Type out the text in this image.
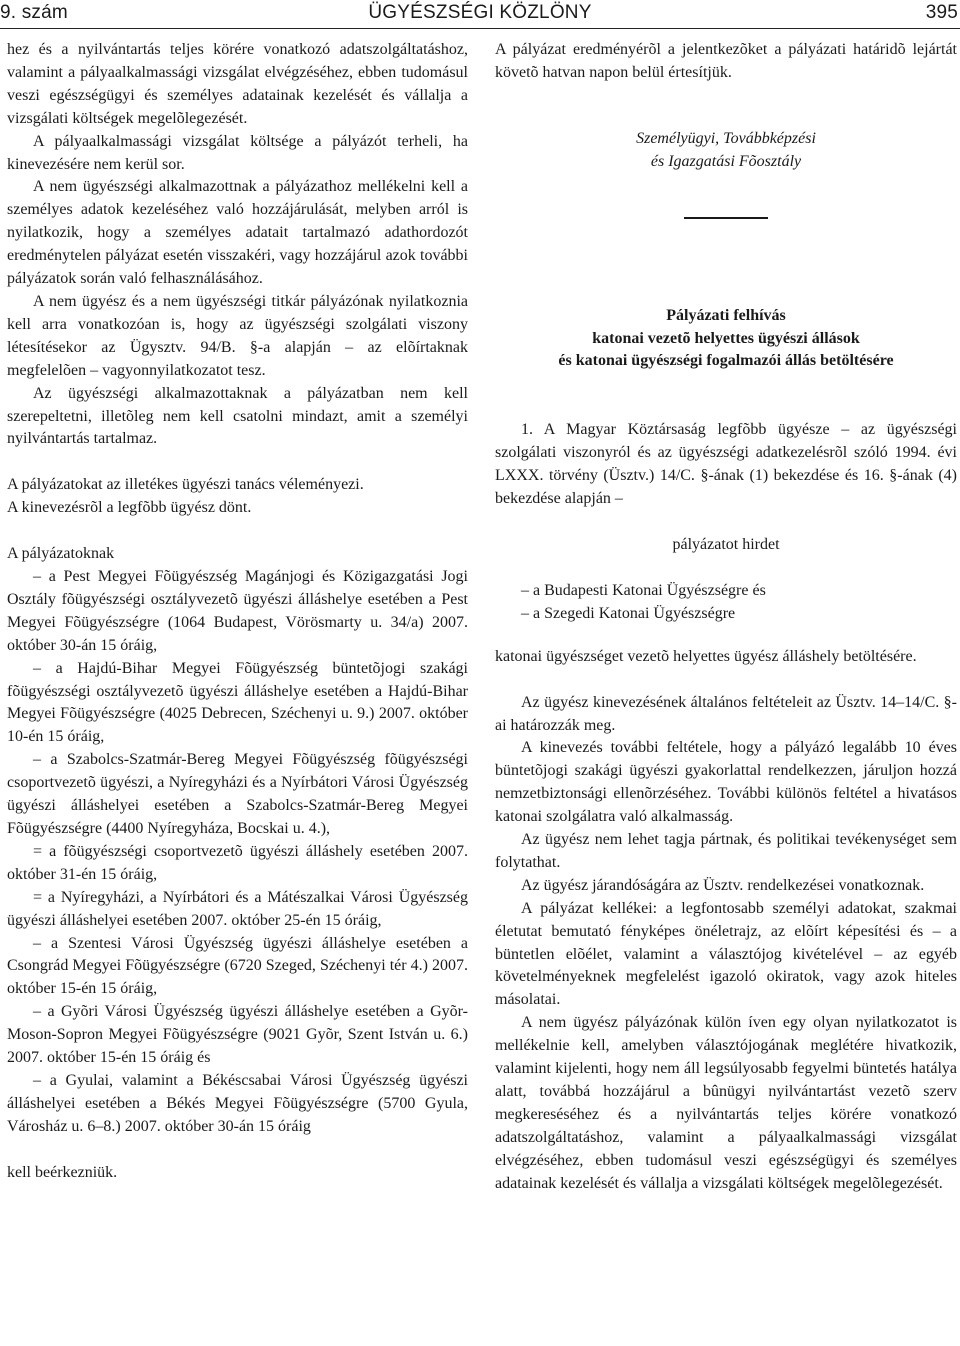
9. szám	ÜGYÉSZSÉGI KÖZLÖNY	395

hez és a nyilvántartás teljes körére vonatkozó adatszolgáltatáshoz, valamint a pályaalkalmassági vizsgálat elvégzéséhez, ebben tudomásul veszi egészségügyi és személyes adatainak kezelését és vállalja a vizsgálati költségek megelõlegezését.

A pályaalkalmassági vizsgálat költsége a pályázót terheli, ha kinevezésére nem kerül sor.

A nem ügyészségi alkalmazottnak a pályázathoz mellékelni kell a személyes adatok kezeléséhez való hozzájárulását, melyben arról is nyilatkozik, hogy a személyes adatait tartalmazó adathordozót eredménytelen pályázat esetén visszakéri, vagy hozzájárul azok további pályázatok során való felhasználásához.

A nem ügyész és a nem ügyészségi titkár pályázónak nyilatkoznia kell arra vonatkozóan is, hogy az ügyészségi szolgálati viszony létesítésekor az Ügysztv. 94/B. §-a alapján – az elõírtaknak megfelelõen – vagyonnyilatkozatot tesz.

Az ügyészségi alkalmazottaknak a pályázatban nem kell szerepeltetni, illetõleg nem kell csatolni mindazt, amit a személyi nyilvántartás tartalmaz.

A pályázatokat az illetékes ügyészi tanács véleményezi.

A kinevezésrõl a legfõbb ügyész dönt.

A pályázatoknak

– a Pest Megyei Fõügyészség Magánjogi és Közigazgatási Jogi Osztály fõügyészségi osztályvezetõ ügyészi álláshelye esetében a Pest Megyei Fõügyészségre (1064 Budapest, Vörösmarty u. 34/a) 2007. október 30-án 15 óráig,

– a Hajdú-Bihar Megyei Fõügyészség büntetõjogi szakági fõügyészségi osztályvezetõ ügyészi álláshelye esetében a Hajdú-Bihar Megyei Fõügyészségre (4025 Debrecen, Széchenyi u. 9.) 2007. október 10-én 15 óráig,

– a Szabolcs-Szatmár-Bereg Megyei Fõügyészség fõügyészségi csoportvezetõ ügyészi, a Nyíregyházi és a Nyírbátori Városi Ügyészség ügyészi álláshelyei esetében a Szabolcs-Szatmár-Bereg Megyei Fõügyészségre (4400 Nyíregyháza, Bocskai u. 4.),

= a fõügyészségi csoportvezetõ ügyészi álláshely esetében 2007. október 31-én 15 óráig,

= a Nyíregyházi, a Nyírbátori és a Mátészalkai Városi Ügyészség ügyészi álláshelyei esetében 2007. október 25-én 15 óráig,

– a Szentesi Városi Ügyészség ügyészi álláshelye esetében a Csongrád Megyei Fõügyészségre (6720 Szeged, Széchenyi tér 4.) 2007. október 15-én 15 óráig,

– a Gyõri Városi Ügyészség ügyészi álláshelye esetében a Gyõr-Moson-Sopron Megyei Fõügyészségre (9021 Gyõr, Szent István u. 6.) 2007. október 15-én 15 óráig és

– a Gyulai, valamint a Békéscsabai Városi Ügyészség ügyészi álláshelyei esetében a Békés Megyei Fõügyészségre (5700 Gyula, Városház u. 6–8.) 2007. október 30-án 15 óráig

kell beérkezniük.

A pályázat eredményérõl a jelentkezõket a pályázati határidõ lejártát követõ hatvan napon belül értesítjük.

Személyügyi, Továbbképzési

és Igazgatási Fõosztály

Pályázati felhívás

katonai vezetõ helyettes ügyészi állások

és katonai ügyészségi fogalmazói állás betöltésére

1. A Magyar Köztársaság legfõbb ügyésze – az ügyészségi szolgálati viszonyról és az ügyészségi adatkezelésrõl szóló 1994. évi LXXX. törvény (Üsztv.) 14/C. §-ának (1) bekezdése és 16. §-ának (4) bekezdése alapján –

pályázatot hirdet

– a Budapesti Katonai Ügyészségre és

– a Szegedi Katonai Ügyészségre

katonai ügyészséget vezetõ helyettes ügyész álláshely betöltésére.

Az ügyész kinevezésének általános feltételeit az Üsztv. 14–14/C. §-ai határozzák meg.

A kinevezés további feltétele, hogy a pályázó legalább 10 éves büntetõjogi szakági ügyészi gyakorlattal rendelkezzen, járuljon hozzá nemzetbiztonsági ellenõrzéséhez. További különös feltétel a hivatásos katonai szolgálatra való alkalmasság.

Az ügyész nem lehet tagja pártnak, és politikai tevékenységet sem folytathat.

Az ügyész járandóságára az Üsztv. rendelkezései vonatkoznak.

A pályázat kellékei: a legfontosabb személyi adatokat, szakmai életutat bemutató fényképes önéletrajz, az elõírt képesítési és – a büntetlen elõélet, valamint a választójog kivételével – az egyéb követelményeknek megfelelést igazoló okiratok, vagy azok hiteles másolatai.

A nem ügyész pályázónak külön íven egy olyan nyilatkozatot is mellékelnie kell, amelyben választójogának meglétére hivatkozik, valamint kijelenti, hogy nem áll legsúlyosabb fegyelmi büntetés hatálya alatt, továbbá hozzájárul a bûnügyi nyilvántartást vezetõ szerv megkereséséhez és a nyilvántartás teljes körére vonatkozó adatszolgáltatáshoz, valamint a pályaalkalmassági vizsgálat elvégzéséhez, ebben tudomásul veszi egészségügyi és személyes adatainak kezelését és vállalja a vizsgálati költségek megelõlegezését.
